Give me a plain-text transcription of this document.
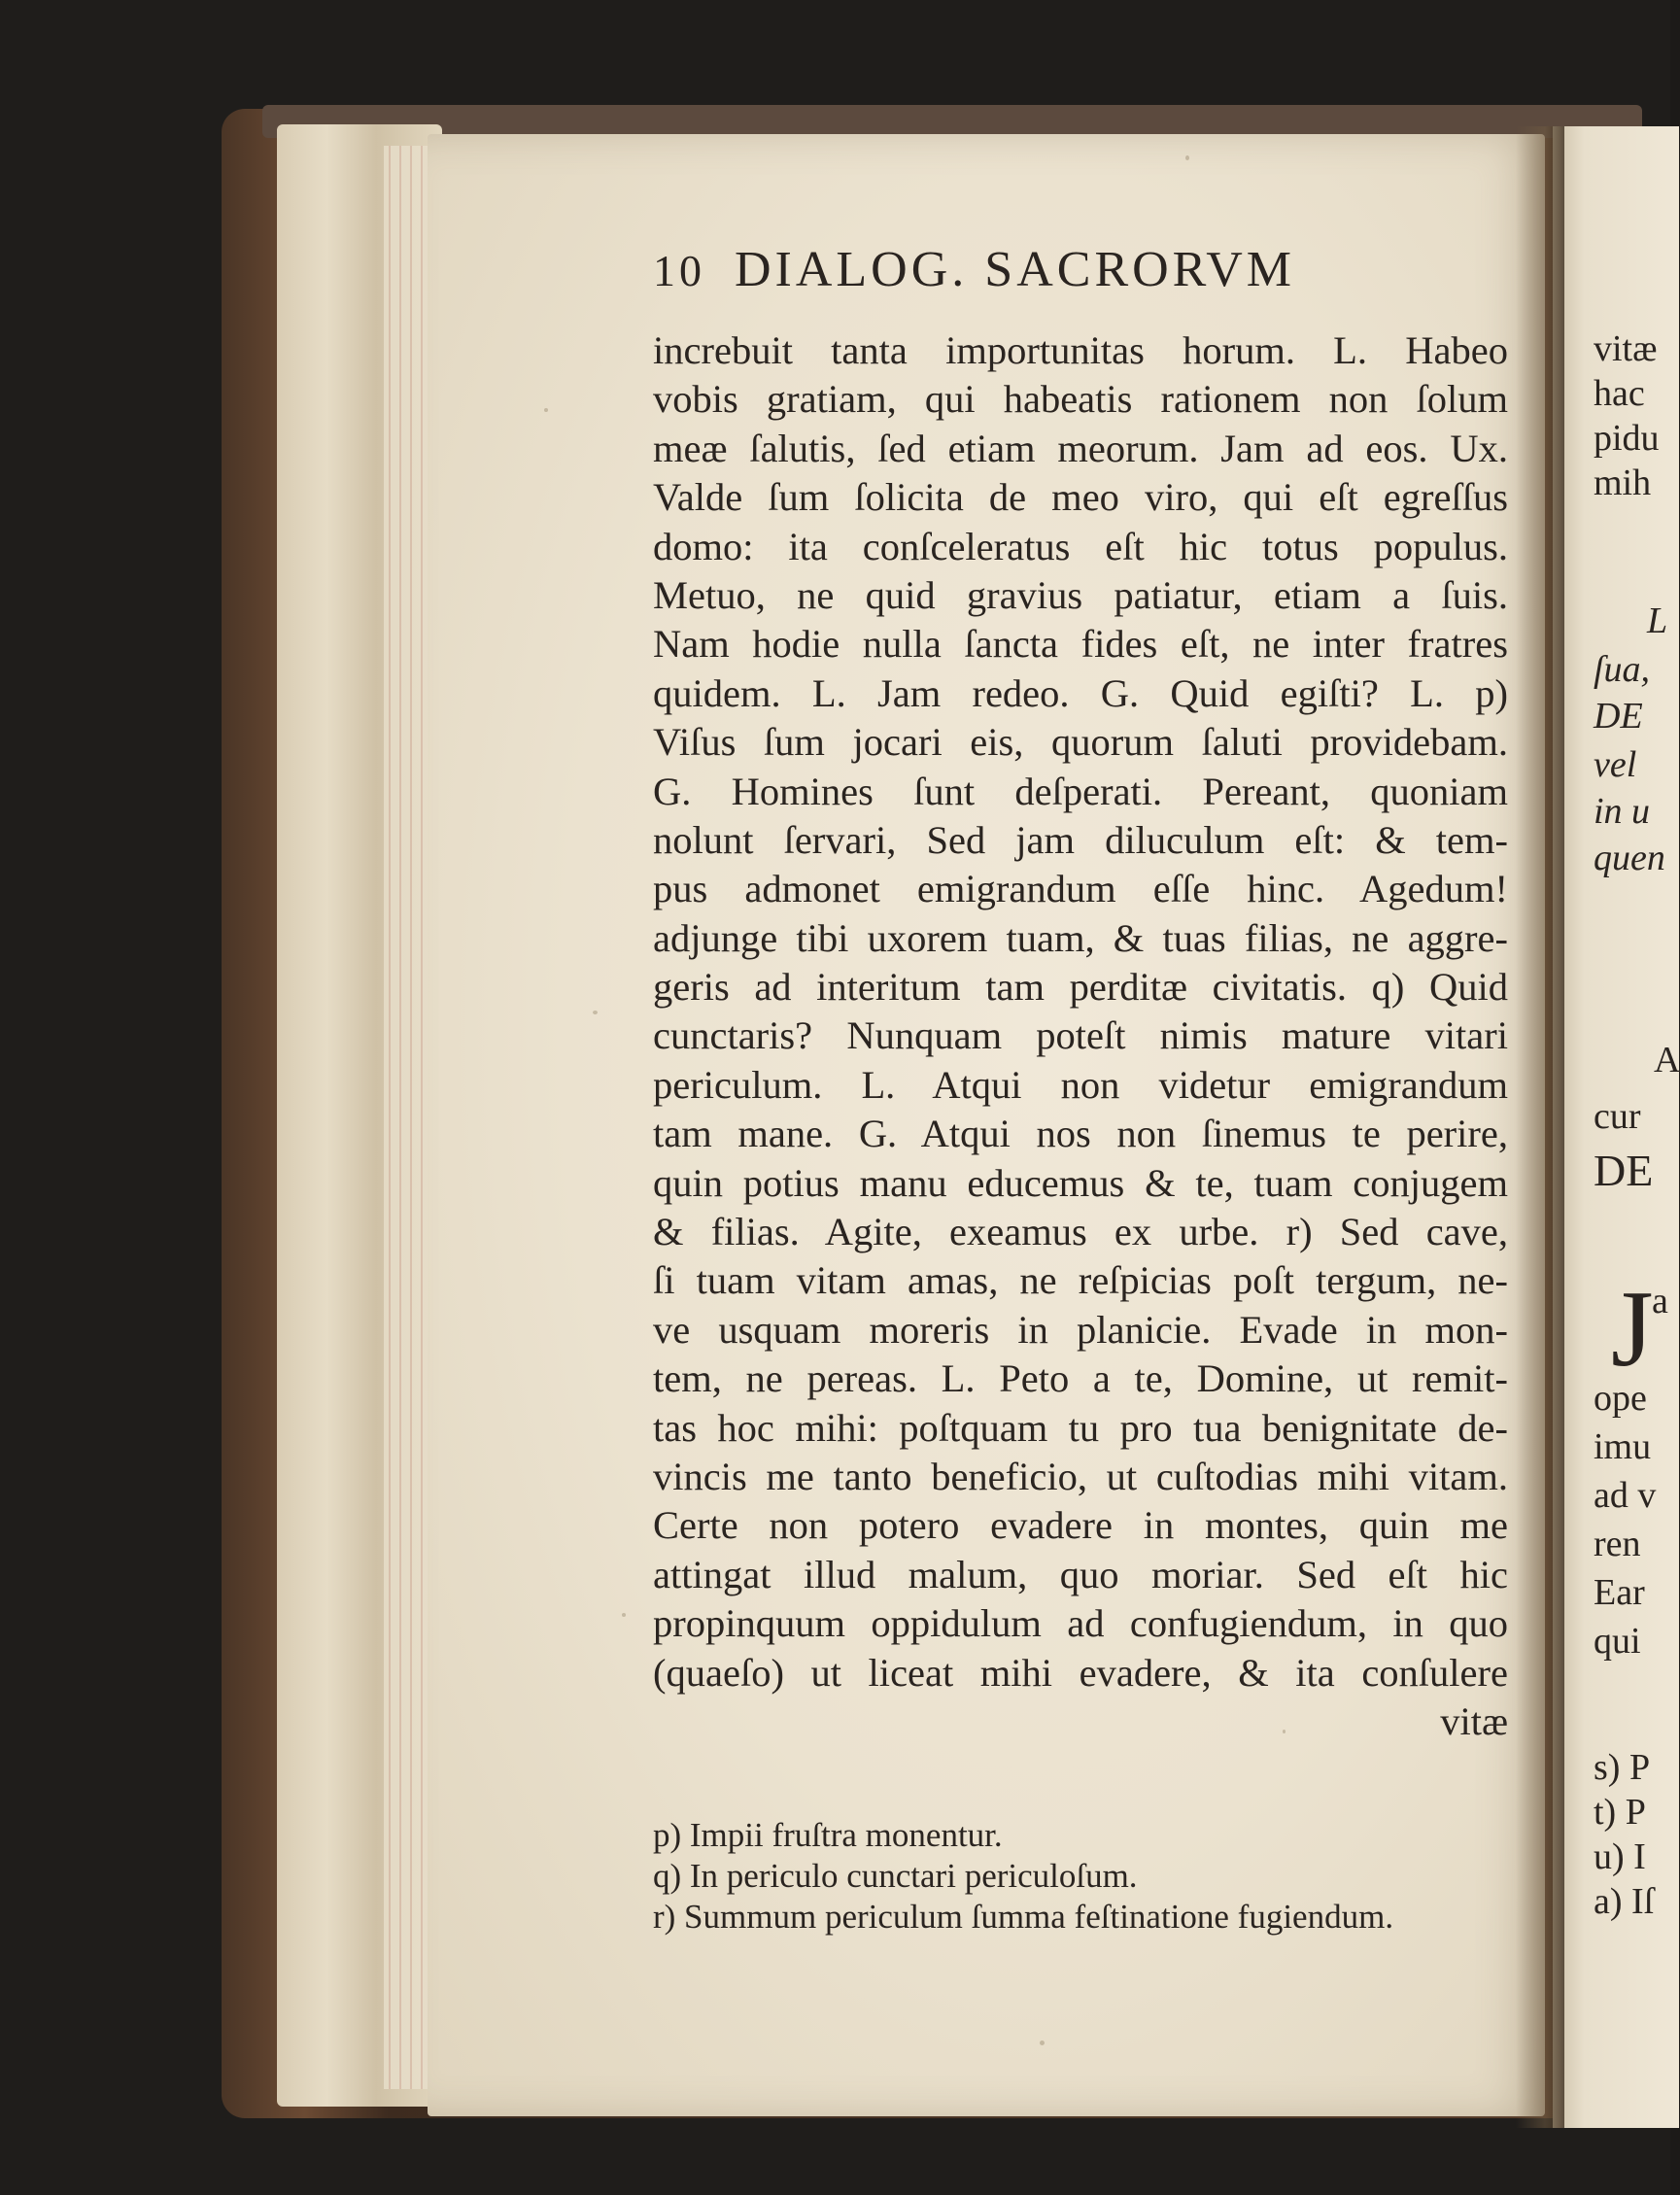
10 DIALOG. SACRORVM
increbuit tanta importunitas horum. L. Habeo
vobis gratiam, qui habeatis rationem non ſolum
meæ ſalutis, ſed etiam meorum. Jam ad eos. Ux.
Valde ſum ſolicita de meo viro, qui eſt egreſſus
domo: ita conſceleratus eſt hic totus populus.
Metuo, ne quid gravius patiatur, etiam a ſuis.
Nam hodie nulla ſancta fides eſt, ne inter fratres
quidem. L. Jam redeo. G. Quid egiſti? L. p)
Viſus ſum jocari eis, quorum ſaluti providebam.
G. Homines ſunt deſperati. Pereant, quoniam
nolunt ſervari, Sed jam diluculum eſt: & tem-
pus admonet emigrandum eſſe hinc. Agedum!
adjunge tibi uxorem tuam, & tuas filias, ne aggre-
geris ad interitum tam perditæ civitatis. q) Quid
cunctaris? Nunquam poteſt nimis mature vitari
periculum. L. Atqui non videtur emigrandum
tam mane. G. Atqui nos non ſinemus te perire,
quin potius manu educemus & te, tuam conjugem
& filias. Agite, exeamus ex urbe. r) Sed cave,
ſi tuam vitam amas, ne reſpicias poſt tergum, ne-
ve usquam moreris in planicie. Evade in mon-
tem, ne pereas. L. Peto a te, Domine, ut remit-
tas hoc mihi: poſtquam tu pro tua benignitate de-
vincis me tanto beneficio, ut cuſtodias mihi vitam.
Certe non potero evadere in montes, quin me
attingat illud malum, quo moriar. Sed eſt hic
propinquum oppidulum ad confugiendum, in quo
(quaeſo) ut liceat mihi evadere, & ita conſulere
vitæ
p) Impii fruſtra monentur.
q) In periculo cunctari periculoſum.
r) Summum periculum ſumma feſtinatione fugiendum.
vitæ
hac
pidu
mih
L
ſua,
DE
vel
in u
quen
A
cur
DE
a
ope
imu
ad v
ren
Ear
qui
s) P
t) P
u) I
a) Iſ
J
